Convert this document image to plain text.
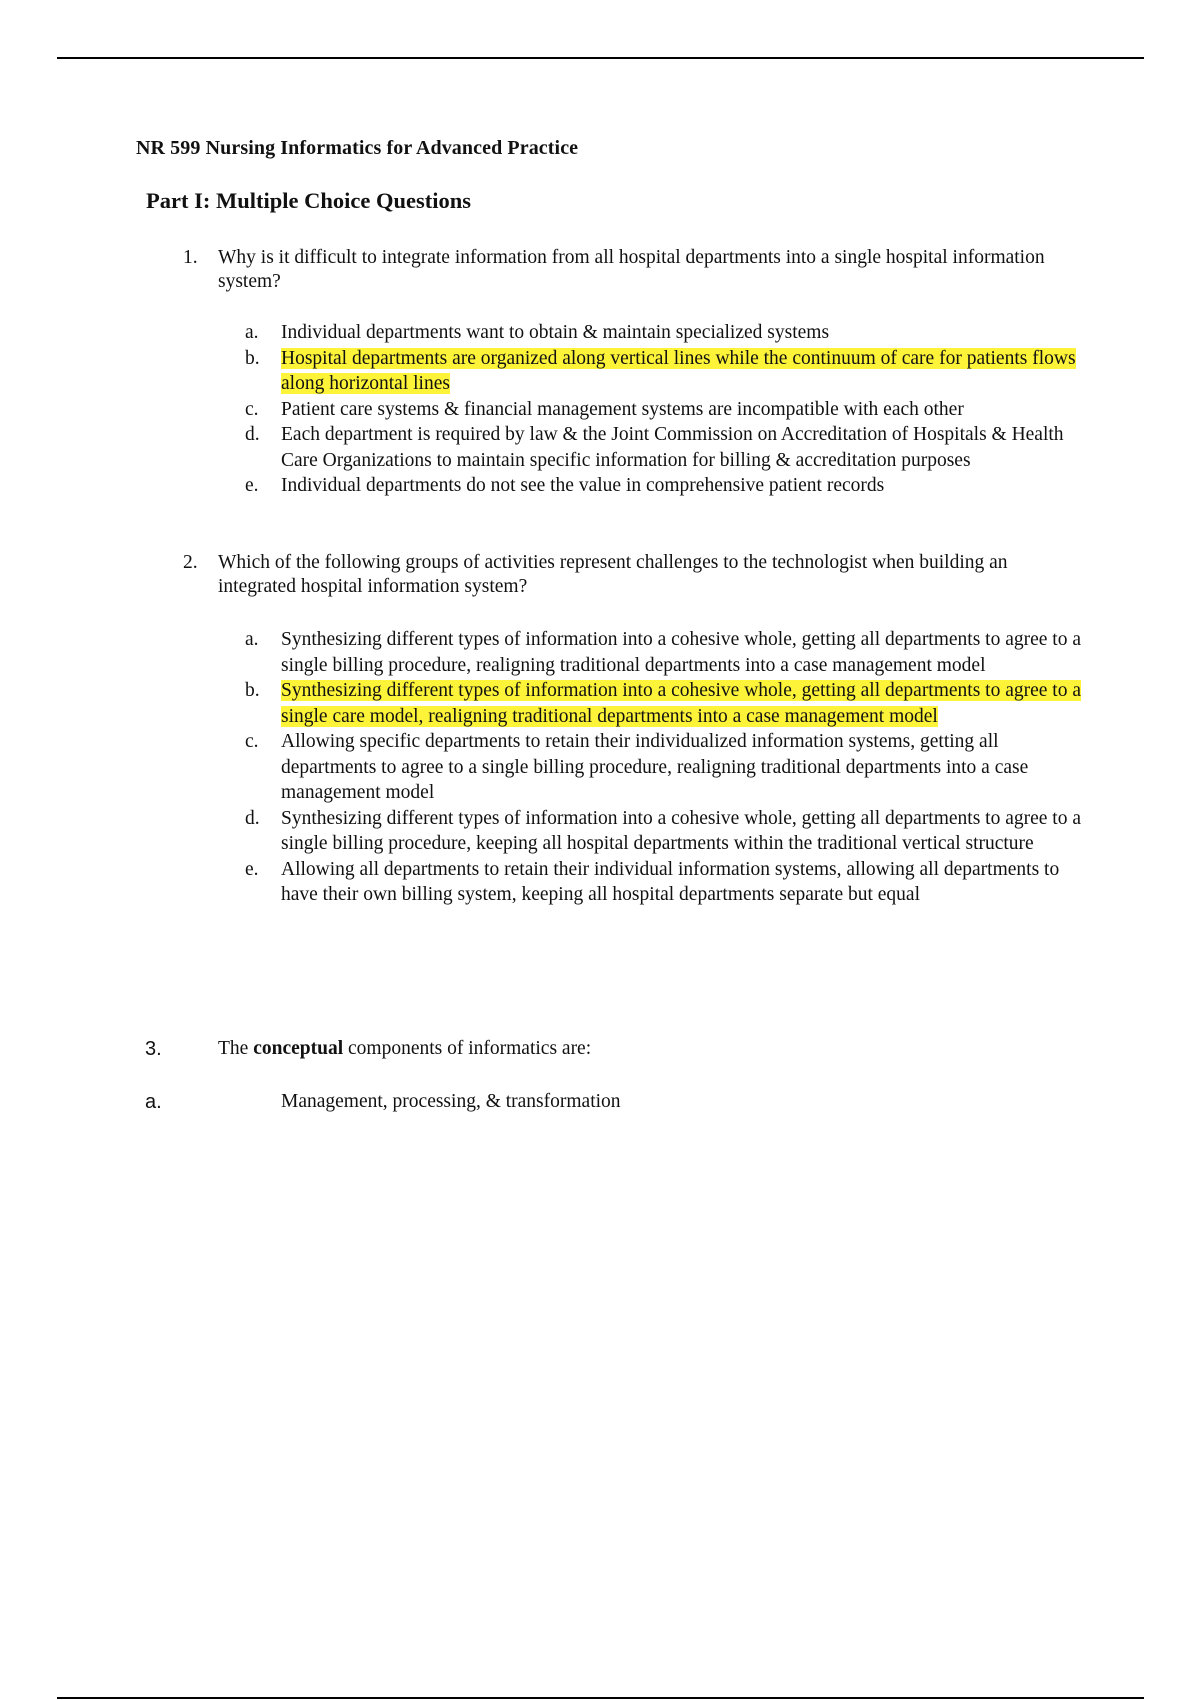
NR 599 Nursing Informatics for Advanced Practice
Part I: Multiple Choice Questions
1. Why is it difficult to integrate information from all hospital departments into a single hospital information system?
a. Individual departments want to obtain & maintain specialized systems
b. Hospital departments are organized along vertical lines while the continuum of care for patients flows along horizontal lines
c. Patient care systems & financial management systems are incompatible with each other
d. Each department is required by law & the Joint Commission on Accreditation of Hospitals & Health Care Organizations to maintain specific information for billing & accreditation purposes
e. Individual departments do not see the value in comprehensive patient records
2. Which of the following groups of activities represent challenges to the technologist when building an integrated hospital information system?
a. Synthesizing different types of information into a cohesive whole, getting all departments to agree to a single billing procedure, realigning traditional departments into a case management model
b. Synthesizing different types of information into a cohesive whole, getting all departments to agree to a single care model, realigning traditional departments into a case management model
c. Allowing specific departments to retain their individualized information systems, getting all departments to agree to a single billing procedure, realigning traditional departments into a case management model
d. Synthesizing different types of information into a cohesive whole, getting all departments to agree to a single billing procedure, keeping all hospital departments within the traditional vertical structure
e. Allowing all departments to retain their individual information systems, allowing all departments to have their own billing system, keeping all hospital departments separate but equal
3.	The conceptual components of informatics are:
a.	Management, processing, & transformation
